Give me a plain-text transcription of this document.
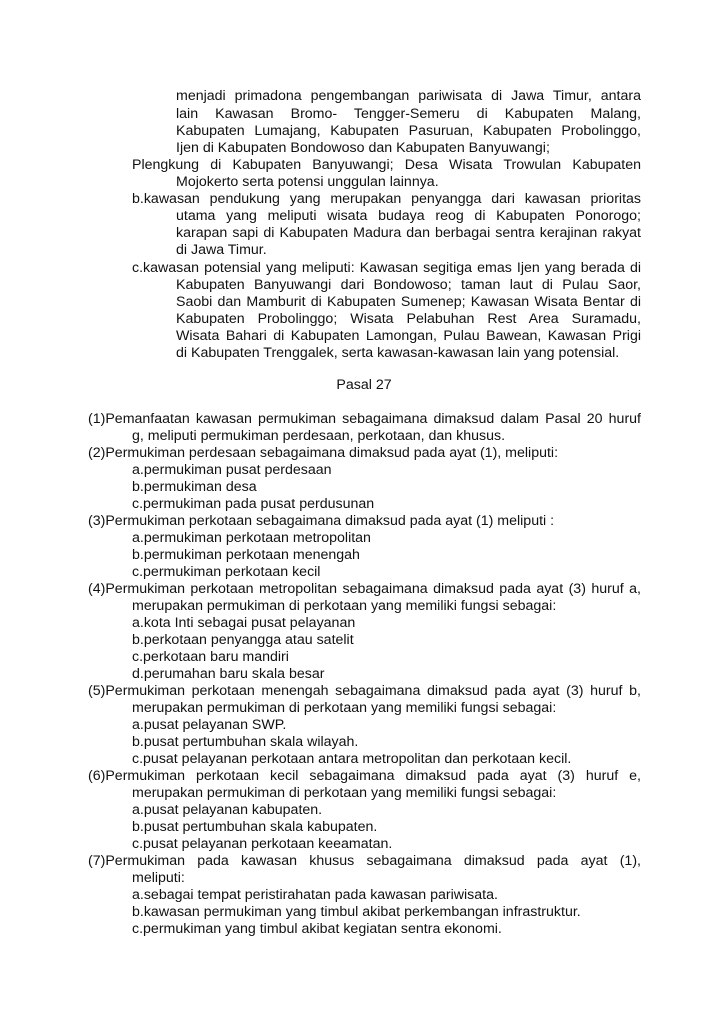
menjadi primadona pengembangan pariwisata di Jawa Timur, antara
lain Kawasan Bromo- Tengger-Semeru di Kabupaten Malang,
Kabupaten Lumajang, Kabupaten Pasuruan, Kabupaten Probolinggo,
Ijen di Kabupaten Bondowoso dan Kabupaten Banyuwangi;
Plengkung di Kabupaten Banyuwangi; Desa Wisata Trowulan Kabupaten
Mojokerto serta potensi unggulan lainnya.
b.kawasan pendukung yang merupakan penyangga dari kawasan prioritas
utama yang meliputi wisata budaya reog di Kabupaten Ponorogo;
karapan sapi di Kabupaten Madura dan berbagai sentra kerajinan rakyat
di Jawa Timur.
c.kawasan potensial yang meliputi: Kawasan segitiga emas Ijen yang berada di
Kabupaten Banyuwangi dari Bondowoso; taman laut di Pulau Saor,
Saobi dan Mamburit di Kabupaten Sumenep; Kawasan Wisata Bentar di
Kabupaten Probolinggo; Wisata Pelabuhan Rest Area Suramadu,
Wisata Bahari di Kabupaten Lamongan, Pulau Bawean, Kawasan Prigi
di Kabupaten Trenggalek, serta kawasan-kawasan lain yang potensial.
Pasal 27
(1)Pemanfaatan kawasan permukiman sebagaimana dimaksud dalam Pasal 20 huruf
g, meliputi permukiman perdesaan, perkotaan, dan khusus.
(2)Permukiman perdesaan sebagaimana dimaksud pada ayat (1), meliputi:
a.permukiman pusat perdesaan
b.permukiman desa
c.permukiman pada pusat perdusunan
(3)Permukiman perkotaan sebagaimana dimaksud pada ayat (1) meliputi :
a.permukiman perkotaan metropolitan
b.permukiman perkotaan menengah
c.permukiman perkotaan kecil
(4)Permukiman perkotaan metropolitan sebagaimana dimaksud pada ayat (3) huruf a,
merupakan permukiman di perkotaan yang memiliki fungsi sebagai:
a.kota Inti sebagai pusat pelayanan
b.perkotaan penyangga atau satelit
c.perkotaan baru mandiri
d.perumahan baru skala besar
(5)Permukiman perkotaan menengah sebagaimana dimaksud pada ayat (3) huruf b,
merupakan permukiman di perkotaan yang memiliki fungsi sebagai:
a.pusat pelayanan SWP.
b.pusat pertumbuhan skala wilayah.
c.pusat pelayanan perkotaan antara metropolitan dan perkotaan kecil.
(6)Permukiman perkotaan kecil sebagaimana dimaksud pada ayat (3) huruf e,
merupakan permukiman di perkotaan yang memiliki fungsi sebagai:
a.pusat pelayanan kabupaten.
b.pusat pertumbuhan skala kabupaten.
c.pusat pelayanan perkotaan keeamatan.
(7)Permukiman pada kawasan khusus sebagaimana dimaksud pada ayat (1),
meliputi:
a.sebagai tempat peristirahatan pada kawasan pariwisata.
b.kawasan permukiman yang timbul akibat perkembangan infrastruktur.
c.permukiman yang timbul akibat kegiatan sentra ekonomi.
